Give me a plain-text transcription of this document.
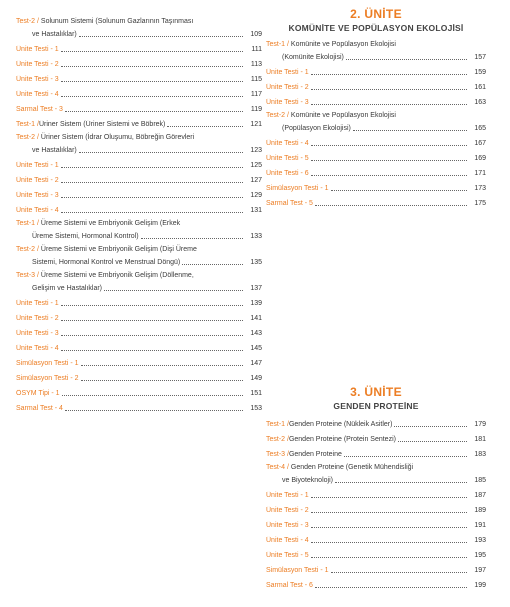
Test-2 / Solunum Sistemi (Solunum Gazlarının Taşınması
ve Hastalıklar)	109
Ünite Testi - 1	111
Ünite Testi - 2	113
Ünite Testi - 3	115
Ünite Testi - 4	117
Sarmal Test - 3	119
Test-1 / Üriner Sistem (Üriner Sistemi ve Böbrek)	121
Test-2 / Üriner Sistem (İdrar Oluşumu, Böbreğin Görevleri
ve Hastalıklar)	123
Ünite Testi - 1	125
Ünite Testi - 2	127
Ünite Testi - 3	129
Ünite Testi - 4	131
Test-1 / Üreme Sistemi ve Embriyonik Gelişim (Erkek
Üreme Sistemi, Hormonal Kontrol)	133
Test-2 / Üreme Sistemi ve Embriyonik Gelişim (Dişi Üreme
Sistemi, Hormonal Kontrol ve Menstrual Döngü)	135
Test-3 / Üreme Sistemi ve Embriyonik Gelişim (Döllenme,
Gelişim ve Hastalıklar)	137
Ünite Testi - 1	139
Ünite Testi - 2	141
Ünite Testi - 3	143
Ünite Testi - 4	145
Simülasyon Testi - 1	147
Simülasyon Testi - 2	149
ÖSYM Tipi - 1	151
Sarmal Test - 4	153
2. ÜNİTE
KOMÜNİTE VE POPÜLASYON EKOLOJİSİ
Test-1 / Komünite ve Popülasyon Ekolojisi
(Komünite Ekolojisi)	157
Ünite Testi - 1	159
Ünite Testi - 2	161
Ünite Testi - 3	163
Test-2 / Komünite ve Popülasyon Ekolojisi
(Popülasyon Ekolojisi)	165
Ünite Testi - 4	167
Ünite Testi - 5	169
Ünite Testi - 6	171
Simülasyon Testi - 1	173
Sarmal Test - 5	175
3. ÜNİTE
GENDEN PROTEİNE
Test-1 / Genden Proteine (Nükleik Asitler)	179
Test-2 / Genden Proteine (Protein Sentezi)	181
Test-3 / Genden Proteine	183
Test-4 / Genden Proteine (Genetik Mühendisliği
ve Biyoteknoloji)	185
Ünite Testi - 1	187
Ünite Testi - 2	189
Ünite Testi - 3	191
Ünite Testi - 4	193
Ünite Testi - 5	195
Simülasyon Testi - 1	197
Sarmal Test - 6	199
